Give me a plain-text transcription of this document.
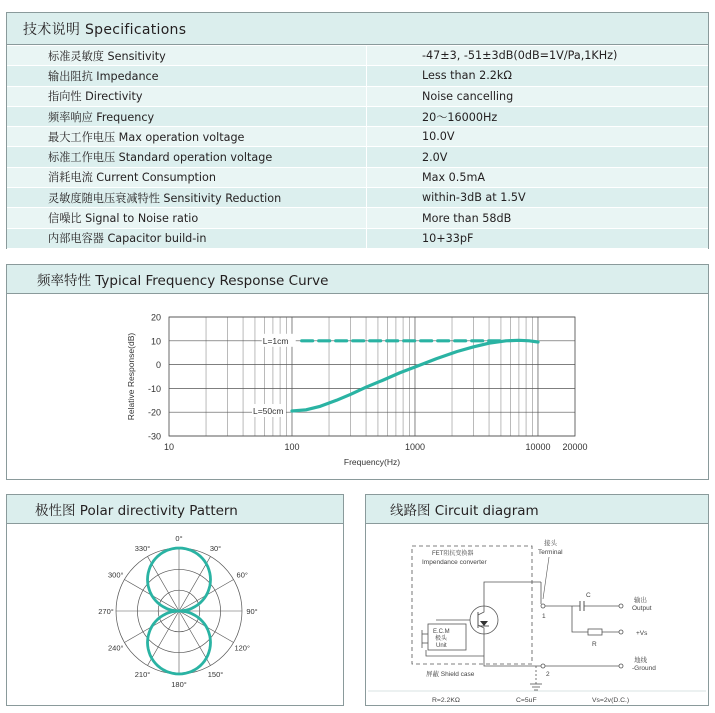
技术说明 Specifications
标准灵敏度 Sensitivity	-47±3, -51±3dB(0dB=1V/Pa,1KHz)
输出阻抗 Impedance	Less than 2.2kΩ
指向性 Directivity	Noise cancelling
频率响应 Frequency	20～16000Hz
最大工作电压 Max operation voltage	10.0V
标准工作电压 Standard operation voltage	2.0V
消耗电流 Current Consumption	Max 0.5mA
灵敏度随电压衰减特性 Sensitivity Reduction	within-3dB at 1.5V
信噪比 Signal to Noise ratio	More than 58dB
内部电容器 Capacitor build-in	10+33pF
频率特性 Typical Frequency Response Curve
20
10
0
-10
-20
-30
10	100	1000	10000 20000
Frequency(Hz)
Relative Response(dB)	L=1cm
L=50cm
极性图 Polar directivity Pattern
0°
30°
60°
90°
120°
150°
180°
210°
240°
270°
300°
330°
线路图 Circuit diagram
FET阻抗变换器
Impendance converter
接头
Terminal
1
C
输出
Output
R
+Vs
2
地线
-Ground
E.C.M
极头
Unit
屏蔽 Shield case
R=2.2KΩ	C=5uF	Vs=2v(D.C.)
